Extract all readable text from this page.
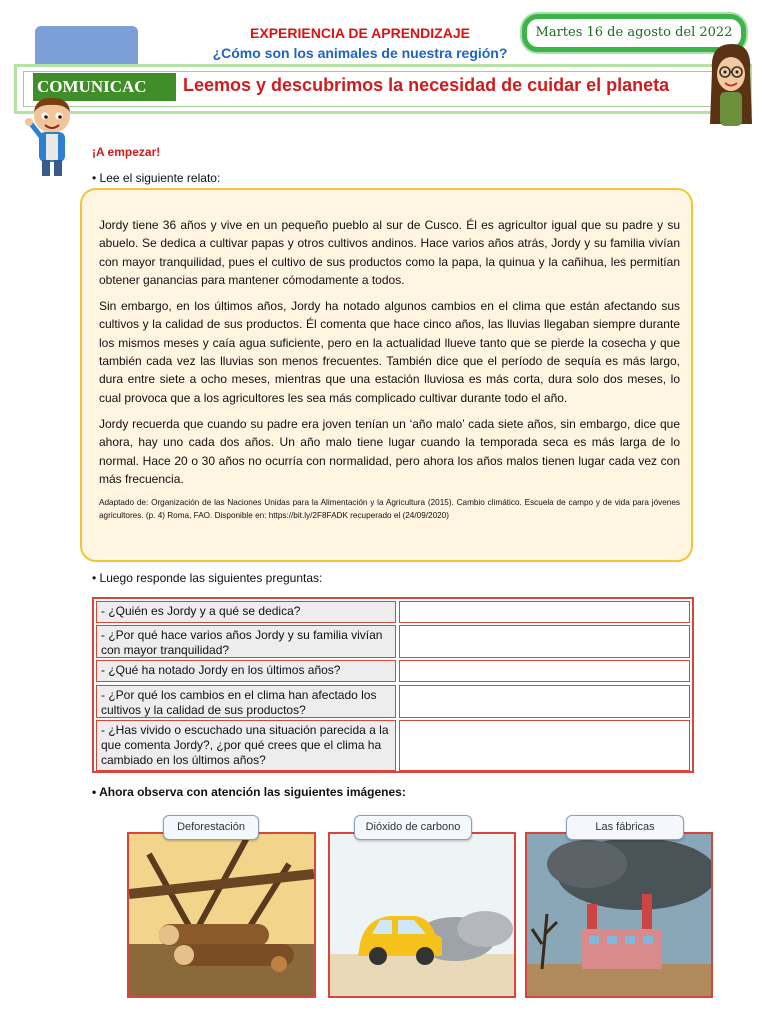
EXPERIENCIA DE APRENDIZAJE
¿Cómo son los animales de nuestra región?
Martes 16 de agosto del 2022
COMUNICAC	Leemos y descubrimos la necesidad de cuidar el planeta
¡A empezar!
• Lee el siguiente relato:

Jordy tiene 36 años y vive en un pequeño pueblo al sur de Cusco. Él es agricultor igual que su padre y su abuelo. Se dedica a cultivar papas y otros cultivos andinos. Hace varios años atrás, Jordy y su familia vivían con mayor tranquilidad, pues el cultivo de sus productos como la papa, la quinua y la cañihua, les permitían obtener ganancias para mantener cómodamente a todos.

Sin embargo, en los últimos años, Jordy ha notado algunos cambios en el clima que están afectando sus cultivos y la calidad de sus productos. Él comenta que hace cinco años, las lluvias llegaban siempre durante los mismos meses y caía agua suficiente, pero en la actualidad llueve tanto que se pierde la cosecha y que también cada vez las lluvias son menos frecuentes. También dice que el período de sequía es más largo, dura entre siete a ocho meses, mientras que una estación lluviosa es más corta, dura solo dos meses, lo cual provoca que a los agricultores les sea más complicado cultivar durante todo el año.

Jordy recuerda que cuando su padre era joven tenían un ‘año malo’ cada siete años, sin embargo, dice que ahora, hay uno cada dos años. Un año malo tiene lugar cuando la temporada seca es más larga de lo normal. Hace 20 o 30 años no ocurría con normalidad, pero ahora los años malos tienen lugar cada vez con más frecuencia.

Adaptado de: Organización de las Naciones Unidas para la Alimentación y la Agricultura (2015). Cambio climático. Escuela de campo y de vida para jóvenes agricultores. (p. 4) Roma, FAO. Disponible en: https://bit.ly/2F8FADK recuperado el (24/09/2020)

• Luego responde las siguientes preguntas:
- ¿Quién es Jordy y a qué se dedica?
- ¿Por qué hace varios años Jordy y su familia vivían con mayor tranquilidad?
- ¿Qué ha notado Jordy en los últimos años?
- ¿Por qué los cambios en el clima han afectado los cultivos y la calidad de sus productos?
- ¿Has vivido o escuchado una situación parecida a la que comenta Jordy?, ¿por qué crees que el clima ha cambiado en los últimos años?
• Ahora observa con atención las siguientes imágenes:
Deforestación	Dióxido de carbono	Las fábricas
